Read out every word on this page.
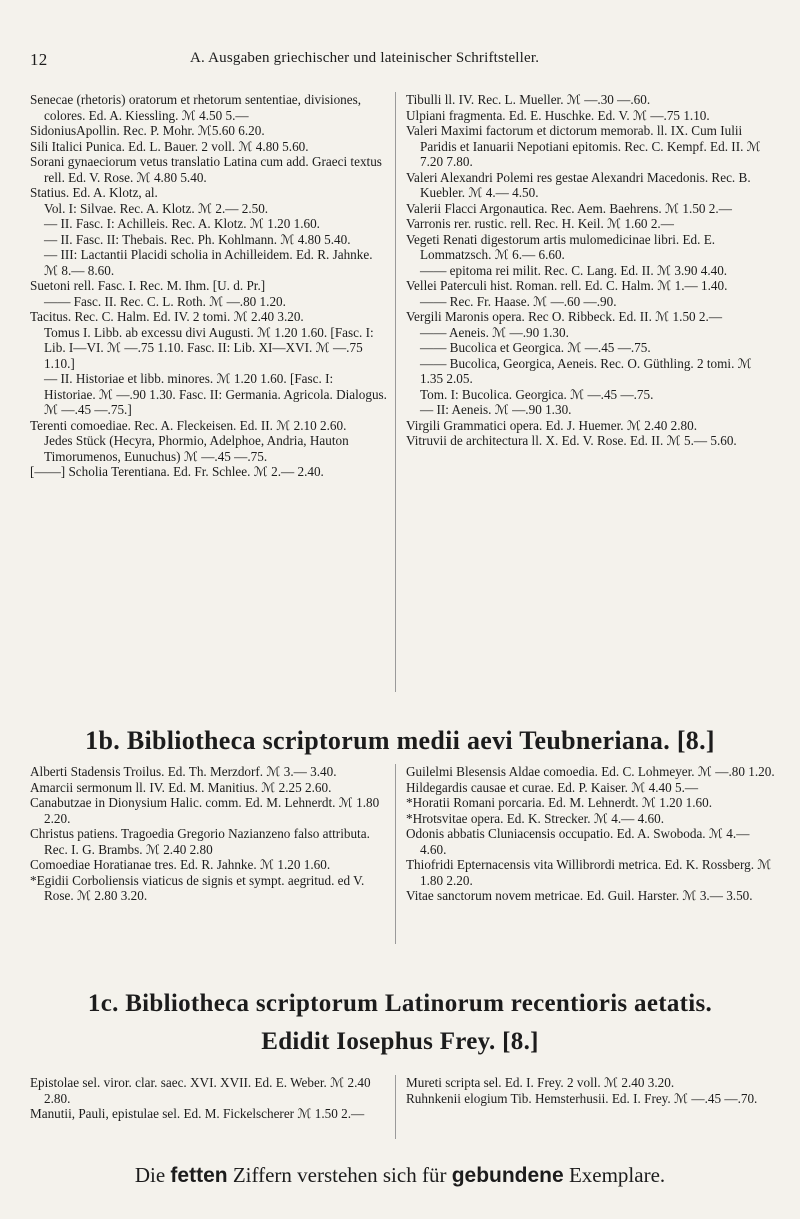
12	A. Ausgaben griechischer und lateinischer Schriftsteller.

Senecae (rhetoris) oratorum et rhetorum sententiae, divisiones, colores. Ed. A. Kiessling. ℳ 4.50 5.—

SidoniusApollin. Rec. P. Mohr. ℳ5.60 6.20.

Sili Italici Punica. Ed. L. Bauer. 2 voll. ℳ 4.80 5.60.

Sorani gynaeciorum vetus translatio Latina cum add. Graeci textus rell. Ed. V. Rose. ℳ 4.80 5.40.

Statius. Ed. A. Klotz, al.

Vol. I: Silvae. Rec. A. Klotz. ℳ 2.— 2.50.

— II. Fasc. I: Achilleis. Rec. A. Klotz. ℳ 1.20 1.60.

— II. Fasc. II: Thebais. Rec. Ph. Kohlmann. ℳ 4.80 5.40.

— III: Lactantii Placidi scholia in Achilleidem. Ed. R. Jahnke. ℳ 8.— 8.60.

Suetoni rell. Fasc. I. Rec. M. Ihm. [U. d. Pr.]

—— Fasc. II. Rec. C. L. Roth. ℳ —.80 1.20.

Tacitus. Rec. C. Halm. Ed. IV. 2 tomi. ℳ 2.40 3.20.

Tomus I. Libb. ab excessu divi Augusti. ℳ 1.20 1.60. [Fasc. I: Lib. I—VI. ℳ —.75 1.10. Fasc. II: Lib. XI—XVI. ℳ —.75 1.10.]

— II. Historiae et libb. minores. ℳ 1.20 1.60. [Fasc. I: Historiae. ℳ —.90 1.30. Fasc. II: Germania. Agricola. Dialogus. ℳ —.45 —.75.]

Terenti comoediae. Rec. A. Fleckeisen. Ed. II. ℳ 2.10 2.60.

Jedes Stück (Hecyra, Phormio, Adelphoe, Andria, Hauton Timorumenos, Eunuchus) ℳ —.45 —.75.

[——] Scholia Terentiana. Ed. Fr. Schlee. ℳ 2.— 2.40.

Tibulli ll. IV. Rec. L. Mueller. ℳ —.30 —.60.

Ulpiani fragmenta. Ed. E. Huschke. Ed. V. ℳ —.75 1.10.

Valeri Maximi factorum et dictorum memorab. ll. IX. Cum Iulii Paridis et Ianuarii Nepotiani epitomis. Rec. C. Kempf. Ed. II. ℳ 7.20 7.80.

Valeri Alexandri Polemi res gestae Alexandri Macedonis. Rec. B. Kuebler. ℳ 4.— 4.50.

Valerii Flacci Argonautica. Rec. Aem. Baehrens. ℳ 1.50 2.—

Varronis rer. rustic. rell. Rec. H. Keil. ℳ 1.60 2.—

Vegeti Renati digestorum artis mulomedicinae libri. Ed. E. Lommatzsch. ℳ 6.— 6.60.

—— epitoma rei milit. Rec. C. Lang. Ed. II. ℳ 3.90 4.40.

Vellei Paterculi hist. Roman. rell. Ed. C. Halm. ℳ 1.— 1.40.

—— Rec. Fr. Haase. ℳ —.60 —.90.

Vergili Maronis opera. Rec O. Ribbeck. Ed. II. ℳ 1.50 2.—

—— Aeneis. ℳ —.90 1.30.

—— Bucolica et Georgica. ℳ —.45 —.75.

—— Bucolica, Georgica, Aeneis. Rec. O. Güthling. 2 tomi. ℳ 1.35 2.05.

Tom. I: Bucolica. Georgica. ℳ —.45 —.75.

— II: Aeneis. ℳ —.90 1.30.

Virgili Grammatici opera. Ed. J. Huemer. ℳ 2.40 2.80.

Vitruvii de architectura ll. X. Ed. V. Rose. Ed. II. ℳ 5.— 5.60.

1b. Bibliotheca scriptorum medii aevi Teubneriana. [8.]

Alberti Stadensis Troilus. Ed. Th. Merzdorf. ℳ 3.— 3.40.

Amarcii sermonum ll. IV. Ed. M. Manitius. ℳ 2.25 2.60.

Canabutzae in Dionysium Halic. comm. Ed. M. Lehnerdt. ℳ 1.80 2.20.

Christus patiens. Tragoedia Gregorio Nazianzeno falso attributa. Rec. I. G. Brambs. ℳ 2.40 2.80

Comoediae Horatianae tres. Ed. R. Jahnke. ℳ 1.20 1.60.

*Egidii Corboliensis viaticus de signis et sympt. aegritud. ed V. Rose. ℳ 2.80 3.20.

Guilelmi Blesensis Aldae comoedia. Ed. C. Lohmeyer. ℳ —.80 1.20.

Hildegardis causae et curae. Ed. P. Kaiser. ℳ 4.40 5.—

*Horatii Romani porcaria. Ed. M. Lehnerdt. ℳ 1.20 1.60.

*Hrotsvitae opera. Ed. K. Strecker. ℳ 4.— 4.60.

Odonis abbatis Cluniacensis occupatio. Ed. A. Swoboda. ℳ 4.— 4.60.

Thiofridi Epternacensis vita Willibrordi metrica. Ed. K. Rossberg. ℳ 1.80 2.20.

Vitae sanctorum novem metricae. Ed. Guil. Harster. ℳ 3.— 3.50.

1c. Bibliotheca scriptorum Latinorum recentioris aetatis.
Edidit Iosephus Frey. [8.]

Epistolae sel. viror. clar. saec. XVI. XVII. Ed. E. Weber. ℳ 2.40 2.80.

Manutii, Pauli, epistulae sel. Ed. M. Fickelscherer ℳ 1.50 2.—

Mureti scripta sel. Ed. I. Frey. 2 voll. ℳ 2.40 3.20.

Ruhnkenii elogium Tib. Hemsterhusii. Ed. I. Frey. ℳ —.45 —.70.

Die fetten Ziffern verstehen sich für gebundene Exemplare.
